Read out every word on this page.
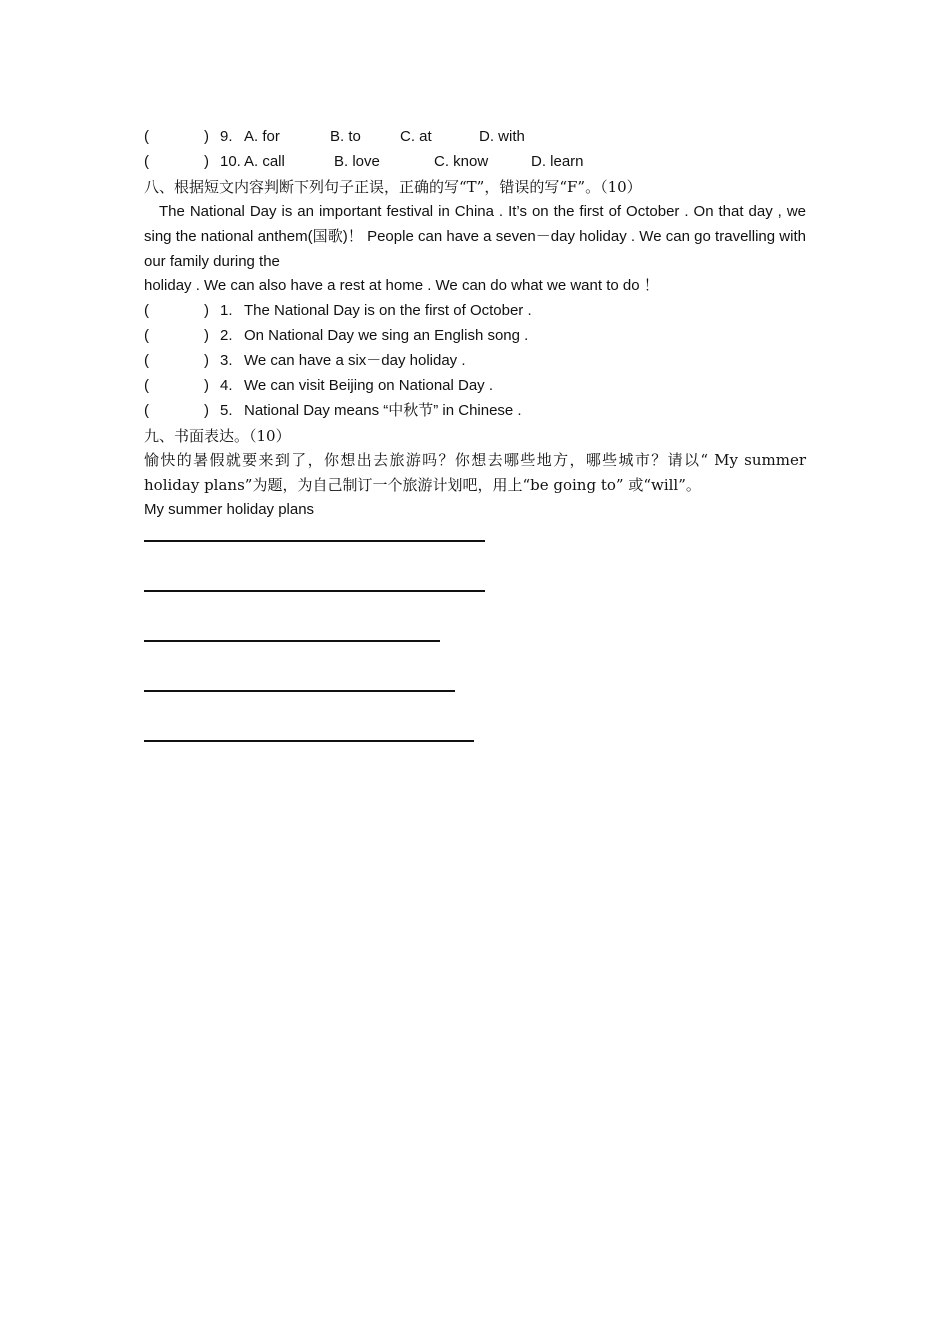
(	) 9. A. for	B. to	C. at	D. with
(	) 10. A. call	B. love	C. know	D. learn
八、根据短文内容判断下列句子正误，正确的写“T”，错误的写“F”。（10）
The National Day is an important festival in China . It’s on the first of October . On that day , we sing the national anthem(国歌)！ People can have a seven－day holiday . We can go travelling with our family during the
holiday . We can also have a rest at home . We can do what we want to do ！
(	) 1. The National Day is on the first of October .
(	) 2. On National Day we sing an English song .
(	) 3. We can have a six－day holiday .
(	) 4. We can visit Beijing on National Day .
(	) 5. National Day means “中秋节” in Chinese .
九、书面表达。（10）
愉快的暑假就要来到了，你想出去旅游吗？你想去哪些地方，哪些城市？请以“ My summer holiday plans”为题，为自己制订一个旅游计划吧，用上“be going to” 或“will”。
My summer holiday plans
